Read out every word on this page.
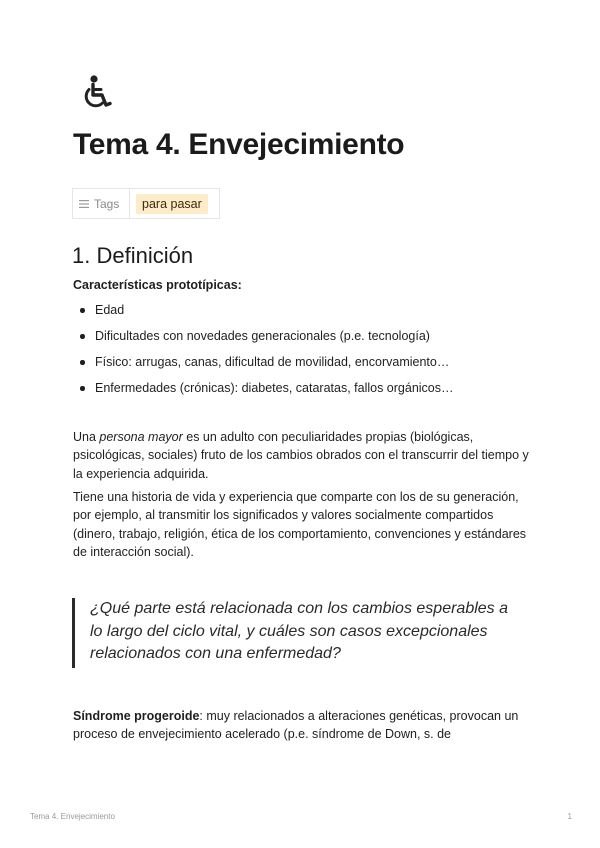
Tema 4. Envejecimiento
Tags	para pasar
1. Definición

Características prototípicas:

Edad
Dificultades con novedades generacionales (p.e. tecnología)
Físico: arrugas, canas, dificultad de movilidad, encorvamiento…
Enfermedades (crónicas): diabetes, cataratas, fallos orgánicos…

Una persona mayor es un adulto con peculiaridades propias (biológicas, psicológicas, sociales) fruto de los cambios obrados con el transcurrir del tiempo y la experiencia adquirida.

Tiene una historia de vida y experiencia que comparte con los de su generación, por ejemplo, al transmitir los significados y valores socialmente compartidos (dinero, trabajo, religión, ética de los comportamiento, convenciones y estándares de interacción social).

¿Qué parte está relacionada con los cambios esperables a lo largo del ciclo vital, y cuáles son casos excepcionales relacionados con una enfermedad?

Síndrome progeroide: muy relacionados a alteraciones genéticas, provocan un proceso de envejecimiento acelerado (p.e. síndrome de Down, s. de

Tema 4. Envejecimiento	1
